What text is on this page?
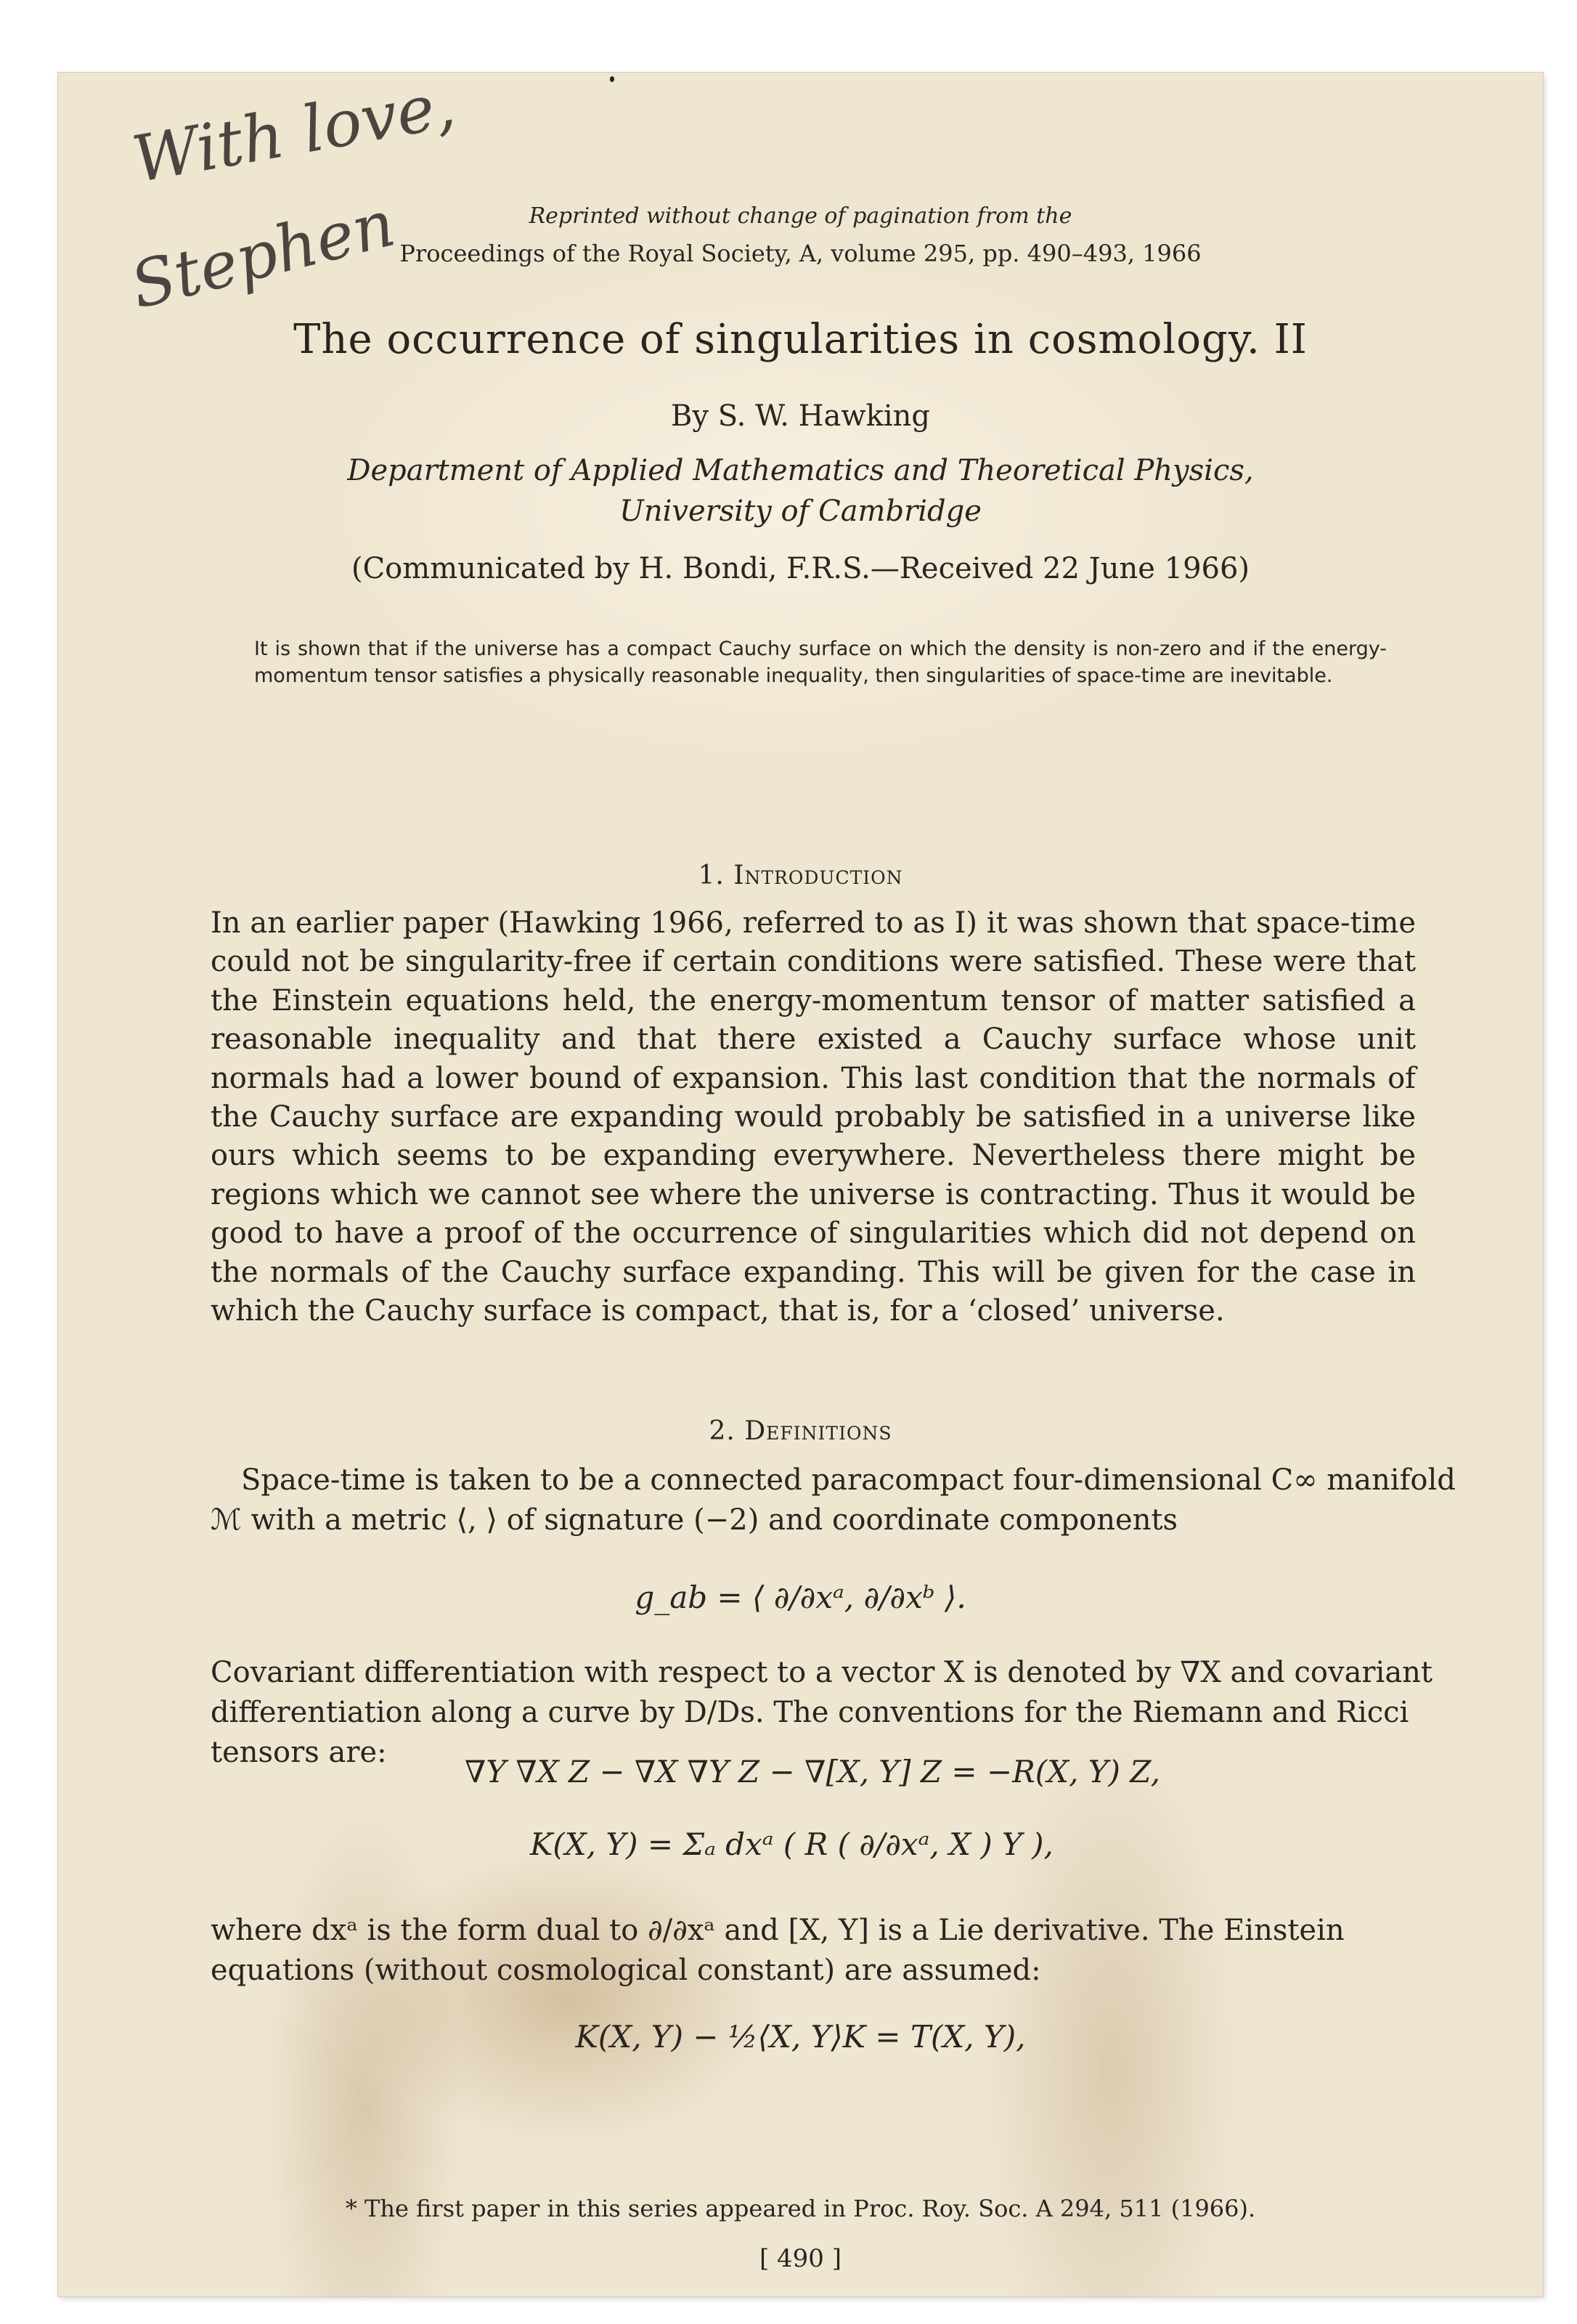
With love,
Stephen	Reprinted without change of pagination from the
Proceedings of the Royal Society, A, volume 295, pp. 490–493, 1966
The occurrence of singularities in cosmology. II
By S. W. Hawking
Department of Applied Mathematics and Theoretical Physics,
University of Cambridge
(Communicated by H. Bondi, F.R.S.—Received 22 June 1966)
It is shown that if the universe has a compact Cauchy surface on which the density is non-zero and if the energy-momentum tensor satisfies a physically reasonable inequality, then singularities of space-time are inevitable.
1. Introduction
In an earlier paper (Hawking 1966, referred to as I) it was shown that space-time could not be singularity-free if certain conditions were satisfied. These were that the Einstein equations held, the energy-momentum tensor of matter satisfied a reasonable inequality and that there existed a Cauchy surface whose unit normals had a lower bound of expansion. This last condition that the normals of the Cauchy surface are expanding would probably be satisfied in a universe like ours which seems to be expanding everywhere. Nevertheless there might be regions which we cannot see where the universe is contracting. Thus it would be good to have a proof of the occurrence of singularities which did not depend on the normals of the Cauchy surface expanding. This will be given for the case in which the Cauchy surface is compact, that is, for a ‘closed’ universe.
2. Definitions
Space-time is taken to be a connected paracompact four-dimensional C∞ manifold
ℳ with a metric ⟨, ⟩ of signature (−2) and coordinate components
g_ab = ⟨ ∂/∂xᵃ, ∂/∂xᵇ ⟩.
Covariant differentiation with respect to a vector X is denoted by ∇X and covariant
differentiation along a curve by D/Ds. The conventions for the Riemann and Ricci
tensors are:
∇Y ∇X Z − ∇X ∇Y Z − ∇[X, Y] Z = −R(X, Y) Z,
K(X, Y) = Σₐ dxᵃ ( R ( ∂/∂xᵃ, X ) Y ),
where dxᵃ is the form dual to ∂/∂xᵃ and [X, Y] is a Lie derivative. The Einstein
equations (without cosmological constant) are assumed:
K(X, Y) − ½⟨X, Y⟩K = T(X, Y),
* The first paper in this series appeared in Proc. Roy. Soc. A 294, 511 (1966).
[ 490 ]
